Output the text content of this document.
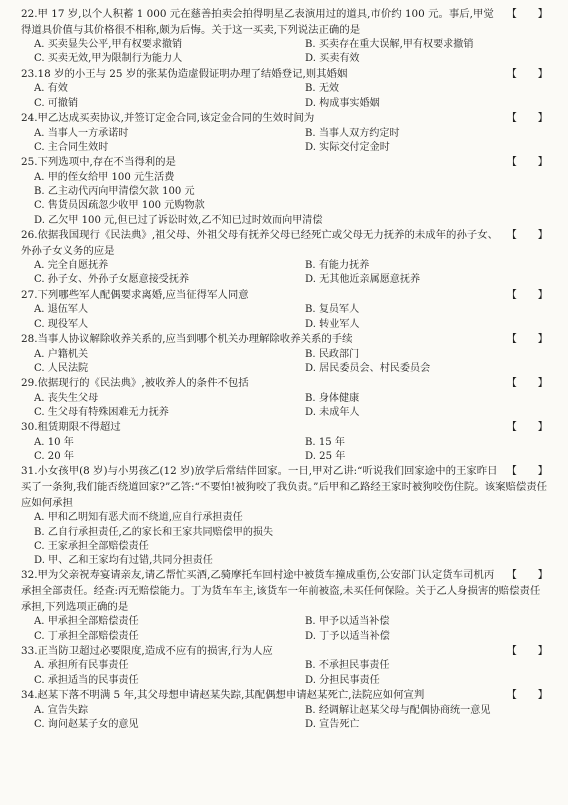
【　　】
22.甲 17 岁,以个人积蓄 1 000 元在慈善拍卖会拍得明星乙表演用过的道具,市价约 100 元。事后,甲觉得道具价值与其价格很不相称,颇为后悔。关于这一买卖,下列说法正确的是

A. 买卖显失公平,甲有权要求撤销	B. 买卖存在重大误解,甲有权要求撤销
C. 买卖无效,甲为限制行为能力人	D. 买卖有效

【　　】
23.18 岁的小王与 25 岁的张某伪造虚假证明办理了结婚登记,则其婚姻

A. 有效	B. 无效
C. 可撤销	D. 构成事实婚姻

【　　】
24.甲乙达成买卖协议,并签订定金合同,该定金合同的生效时间为

A. 当事人一方承诺时	B. 当事人双方约定时
C. 主合同生效时	D. 实际交付定金时

【　　】
25.下列选项中,存在不当得利的是

A. 甲的侄女给甲 100 元生活费
B. 乙主动代丙向甲清偿欠款 100 元
C. 售货员因疏忽少收甲 100 元购物款
D. 乙欠甲 100 元,但已过了诉讼时效,乙不知已过时效而向甲清偿

【　　】
26.依据我国现行《民法典》,祖父母、外祖父母有抚养父母已经死亡或父母无力抚养的未成年的孙子女、外孙子女义务的应是

A. 完全自愿抚养	B. 有能力抚养
C. 孙子女、外孙子女愿意接受抚养	D. 无其他近亲属愿意抚养

【　　】
27.下列哪些军人配偶要求离婚,应当征得军人同意

A. 退伍军人	B. 复员军人
C. 现役军人	D. 转业军人

【　　】
28.当事人协议解除收养关系的,应当到哪个机关办理解除收养关系的手续

A. 户籍机关	B. 民政部门
C. 人民法院	D. 居民委员会、村民委员会

【　　】
29.依据现行的《民法典》,被收养人的条件不包括

A. 丧失生父母	B. 身体健康
C. 生父母有特殊困难无力抚养	D. 未成年人

【　　】
30.租赁期限不得超过

A. 10 年	B. 15 年
C. 20 年	D. 25 年

【　　】
31.小女孩甲(8 岁)与小男孩乙(12 岁)放学后常结伴回家。一日,甲对乙讲:“听说我们回家途中的王家昨日买了一条狗,我们能否绕道回家?”乙答:“不要怕!被狗咬了我负责。”后甲和乙路经王家时被狗咬伤住院。该案赔偿责任应如何承担

A. 甲和乙明知有恶犬而不绕道,应自行承担责任
B. 乙自行承担责任,乙的家长和王家共同赔偿甲的损失
C. 王家承担全部赔偿责任
D. 甲、乙和王家均有过错,共同分担责任

【　　】
32.甲为父亲祝寿宴请亲友,请乙帮忙买酒,乙骑摩托车回村途中被货车撞成重伤,公安部门认定货车司机丙承担全部责任。经查:丙无赔偿能力。丁为货车车主,该货车一年前被盗,未买任何保险。关于乙人身损害的赔偿责任承担,下列选项正确的是

A. 甲承担全部赔偿责任	B. 甲予以适当补偿
C. 丁承担全部赔偿责任	D. 丁予以适当补偿

【　　】
33.正当防卫超过必要限度,造成不应有的损害,行为人应

A. 承担所有民事责任	B. 不承担民事责任
C. 承担适当的民事责任	D. 分担民事责任

【　　】
34.赵某下落不明满 5 年,其父母想申请赵某失踪,其配偶想申请赵某死亡,法院应如何宣判

A. 宣告失踪	B. 经调解让赵某父母与配偶协商统一意见
C. 询问赵某子女的意见	D. 宣告死亡
